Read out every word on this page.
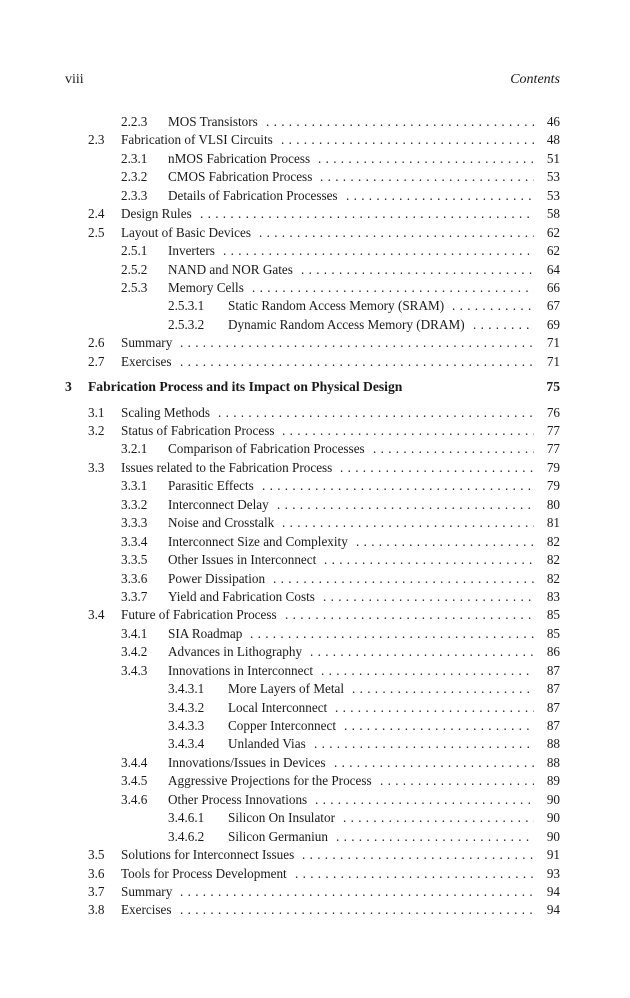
viii	Contents
2.2.3 MOS Transistors . . .	46
2.3 Fabrication of VLSI Circuits . . .	48
2.3.1 nMOS Fabrication Process . . .	51
2.3.2 CMOS Fabrication Process . . .	53
2.3.3 Details of Fabrication Processes . . .	53
2.4 Design Rules . . .	58
2.5 Layout of Basic Devices . . .	62
2.5.1 Inverters . . .	62
2.5.2 NAND and NOR Gates . . .	64
2.5.3 Memory Cells . . .	66
2.5.3.1 Static Random Access Memory (SRAM) . . .	67
2.5.3.2 Dynamic Random Access Memory (DRAM) . . .	69
2.6 Summary . . .	71
2.7 Exercises . . .	71
3 Fabrication Process and its Impact on Physical Design	75
3.1 Scaling Methods . . .	76
3.2 Status of Fabrication Process . . .	77
3.2.1 Comparison of Fabrication Processes . . .	77
3.3 Issues related to the Fabrication Process . . .	79
3.3.1 Parasitic Effects . . .	79
3.3.2 Interconnect Delay . . .	80
3.3.3 Noise and Crosstalk . . .	81
3.3.4 Interconnect Size and Complexity . . .	82
3.3.5 Other Issues in Interconnect . . .	82
3.3.6 Power Dissipation . . .	82
3.3.7 Yield and Fabrication Costs . . .	83
3.4 Future of Fabrication Process . . .	85
3.4.1 SIA Roadmap . . .	85
3.4.2 Advances in Lithography . . .	86
3.4.3 Innovations in Interconnect . . .	87
3.4.3.1 More Layers of Metal . . .	87
3.4.3.2 Local Interconnect . . .	87
3.4.3.3 Copper Interconnect . . .	87
3.4.3.4 Unlanded Vias . . .	88
3.4.4 Innovations/Issues in Devices . . .	88
3.4.5 Aggressive Projections for the Process . . .	89
3.4.6 Other Process Innovations . . .	90
3.4.6.1 Silicon On Insulator . . .	90
3.4.6.2 Silicon Germaniun . . .	90
3.5 Solutions for Interconnect Issues . . .	91
3.6 Tools for Process Development . . .	93
3.7 Summary . . .	94
3.8 Exercises . . .	94
